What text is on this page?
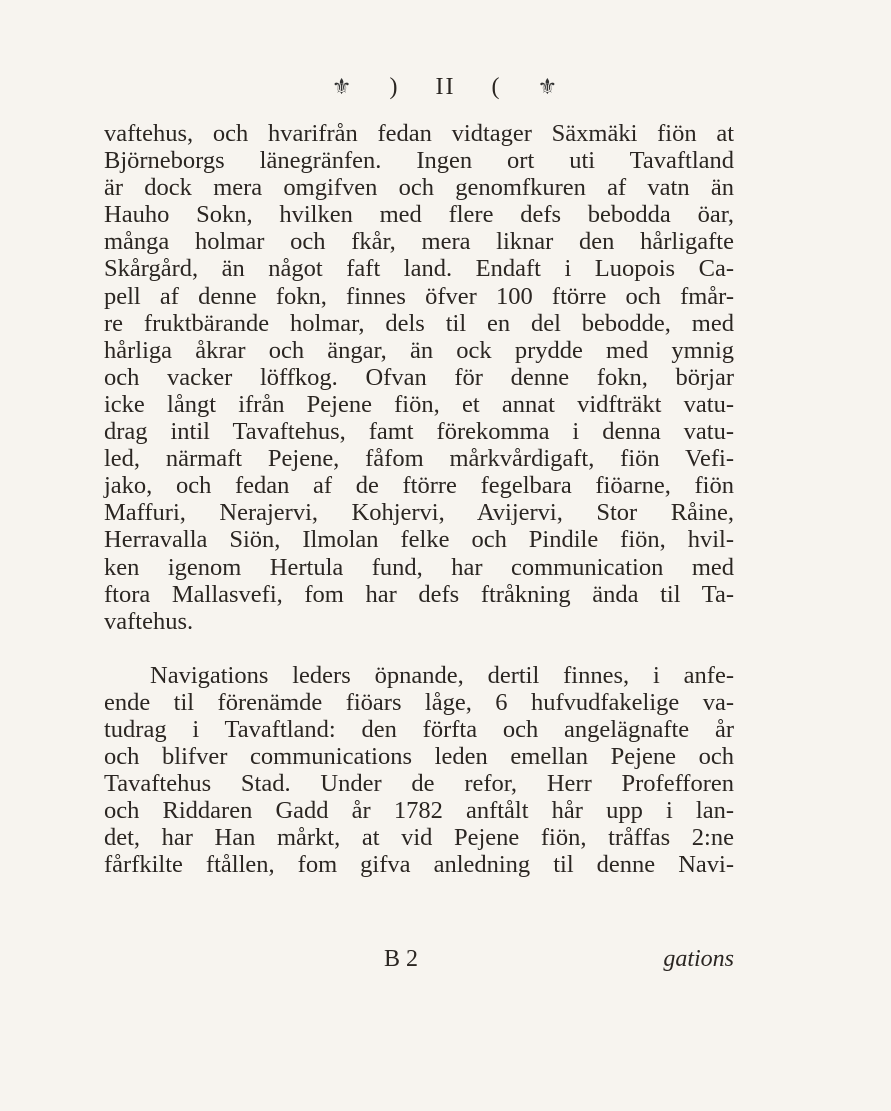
⚜ ) II ( ⚜
vaftehus, och hvarifrån fedan vidtager Säxmäki fiön at
Björneborgs länegränfen. Ingen ort uti Tavaftland
är dock mera omgifven och genomfkuren af vatn än
Hauho Sokn, hvilken med flere defs bebodda öar,
många holmar och fkår, mera liknar den hårligafte
Skårgård, än något faft land. Endaft i Luopois Ca-
pell af denne fokn, finnes öfver 100 ftörre och fmår-
re fruktbärande holmar, dels til en del bebodde, med
hårliga åkrar och ängar, än ock prydde med ymnig
och vacker löffkog. Ofvan för denne fokn, börjar
icke långt ifrån Pejene fiön, et annat vidfträkt vatu-
drag intil Tavaftehus, famt förekomma i denna vatu-
led, närmaft Pejene, fåfom mårkvårdigaft, fiön Vefi-
jako, och fedan af de ftörre fegelbara fiöarne, fiön
Maffuri, Nerajervi, Kohjervi, Avijervi, Stor Råine,
Herravalla Siön, Ilmolan felke och Pindile fiön, hvil-
ken igenom Hertula fund, har communication med
ftora Mallasvefi, fom har defs ftråkning ända til Ta-
vaftehus.
Navigations leders öpnande, dertil finnes, i anfe-
ende til förenämde fiöars låge, 6 hufvudfakelige va-
tudrag i Tavaftland: den förfta och angelägnafte år
och blifver communications leden emellan Pejene och
Tavaftehus Stad. Under de refor, Herr Profefforen
och Riddaren Gadd år 1782 anftålt hår upp i lan-
det, har Han mårkt, at vid Pejene fiön, tråffas 2:ne
fårfkilte ftållen, fom gifva anledning til denne Navi-
B 2	gations
